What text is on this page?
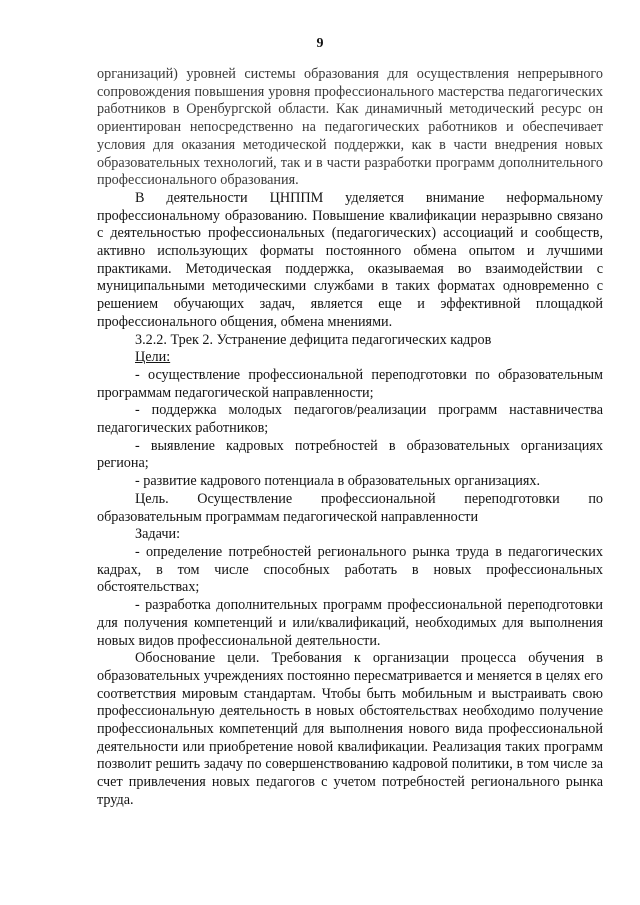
9

организаций) уровней системы образования для осуществления непрерывного сопровождения повышения уровня профессионального мастерства педагогических работников в Оренбургской области. Как динамичный методический ресурс он ориентирован непосредственно на педагогических работников и обеспечивает условия для оказания методической поддержки, как в части внедрения новых образовательных технологий, так и в части разработки программ дополнительного профессионального образования.

В деятельности ЦНППМ уделяется внимание неформальному профессиональному образованию. Повышение квалификации неразрывно связано с деятельностью профессиональных (педагогических) ассоциаций и сообществ, активно использующих форматы постоянного обмена опытом и лучшими практиками. Методическая поддержка, оказываемая во взаимодействии с муниципальными методическими службами в таких форматах одновременно с решением обучающих задач, является еще и эффективной площадкой профессионального общения, обмена мнениями.

3.2.2. Трек 2. Устранение дефицита педагогических кадров

Цели:

- осуществление профессиональной переподготовки по образовательным программам педагогической направленности;

- поддержка молодых педагогов/реализации программ наставничества педагогических работников;

- выявление кадровых потребностей в образовательных организациях региона;

- развитие кадрового потенциала в образовательных организациях.

Цель. Осуществление профессиональной переподготовки по образовательным программам педагогической направленности

Задачи:

- определение потребностей регионального рынка труда в педагогических кадрах, в том числе способных работать в новых профессиональных обстоятельствах;

- разработка дополнительных программ профессиональной переподготовки для получения компетенций и или/квалификаций, необходимых для выполнения новых видов профессиональной деятельности.

Обоснование цели. Требования к организации процесса обучения в образовательных учреждениях постоянно пересматривается и меняется в целях его соответствия мировым стандартам. Чтобы быть мобильным и выстраивать свою профессиональную деятельность в новых обстоятельствах необходимо получение профессиональных компетенций для выполнения нового вида профессиональной деятельности или приобретение новой квалификации. Реализация таких программ позволит решить задачу по совершенствованию кадровой политики, в том числе за счет привлечения новых педагогов с учетом потребностей регионального рынка труда.
